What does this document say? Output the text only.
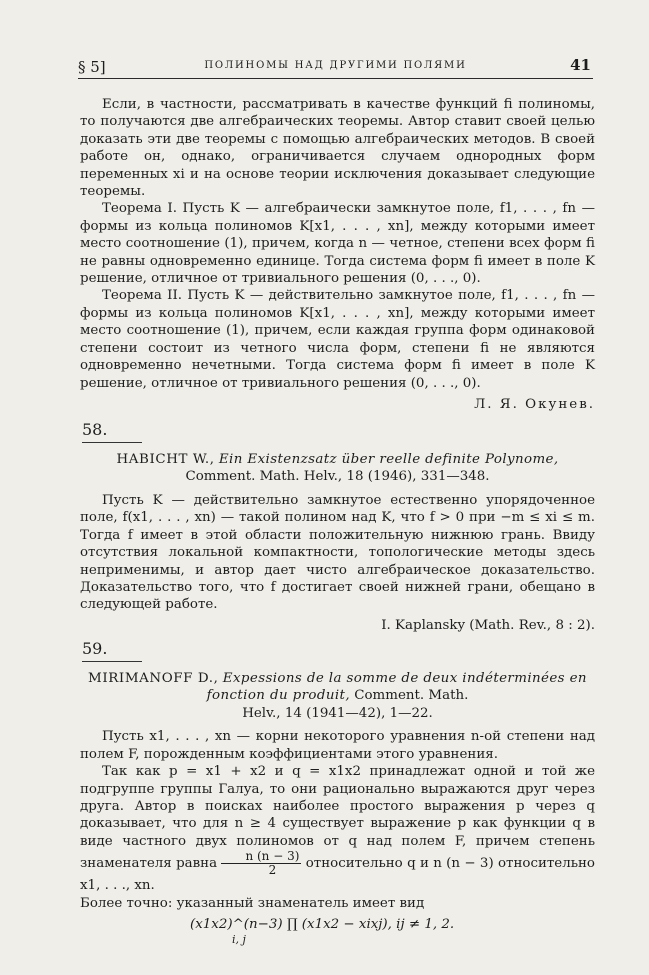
§ 5]	ПОЛИНОМЫ НАД ДРУГИМИ ПОЛЯМИ	41

Если, в частности, рассматривать в качестве функций fi полиномы, то получаются две алгебраических теоремы. Автор ставит своей целью доказать эти две теоремы с помощью алгебраических методов. В своей работе он, однако, ограничивается случаем однородных форм переменных xi и на основе теории исключения доказывает следующие теоремы.

Теорема I. Пусть K — алгебраически замкнутое поле, f1, . . . , fn — формы из кольца полиномов K[x1, . . . , xn], между которыми имеет место соотношение (1), причем, когда n — четное, степени всех форм fi не равны одновременно единице. Тогда система форм fi имеет в поле K решение, отличное от тривиального решения (0, . . ., 0).

Теорема II. Пусть K — действительно замкнутое поле, f1, . . . , fn — формы из кольца полиномов K[x1, . . . , xn], между которыми имеет место соотношение (1), причем, если каждая группа форм одинаковой степени состоит из четного числа форм, степени fi не являются одновременно нечетными. Тогда система форм fi имеет в поле K решение, отличное от тривиального решения (0, . . ., 0).

Л. Я. Окунев.
58.
HABICHT W., Ein Existenzsatz über reelle definite Polynome, Comment. Math. Helv., 18 (1946), 331—348.

Пусть K — действительно замкнутое естественно упорядоченное поле, f(x1, . . . , xn) — такой полином над K, что f > 0 при −m ≤ xi ≤ m. Тогда f имеет в этой области положительную нижнюю грань. Ввиду отсутствия локальной компактности, топологические методы здесь неприменимы, и автор дает чисто алгебраическое доказательство. Доказательство того, что f достигает своей нижней грани, обещано в следующей работе.

I. Kaplansky (Math. Rev., 8 : 2).
59.
MIRIMANOFF D., Expessions de la somme de deux indéterminées en fonction du produit, Comment. Math.
Helv., 14 (1941—42), 1—22.

Пусть x1, . . . , xn — корни некоторого уравнения n-ой степени над полем F, порожденным коэффициентами этого уравнения.

Так как p = x1 + x2 и q = x1x2 принадлежат одной и той же подгруппе группы Галуа, то они рационально выражаются друг через друга. Автор в поисках наиболее простого выражения p через q доказывает, что для n ≥ 4 существует выражение p как функции q в виде частного двух полиномов от q над полем F, причем степень знаменателя равна $\frac{n (n - 3)}{2}$ относительно q и n (n − 3) относительно x1, . . ., xn.

Более точно: указанный знаменатель имеет вид

(x1x2)^(n−3) ∏ (x1x2 − xixj), ij ≠ 1, 2.
i, j
